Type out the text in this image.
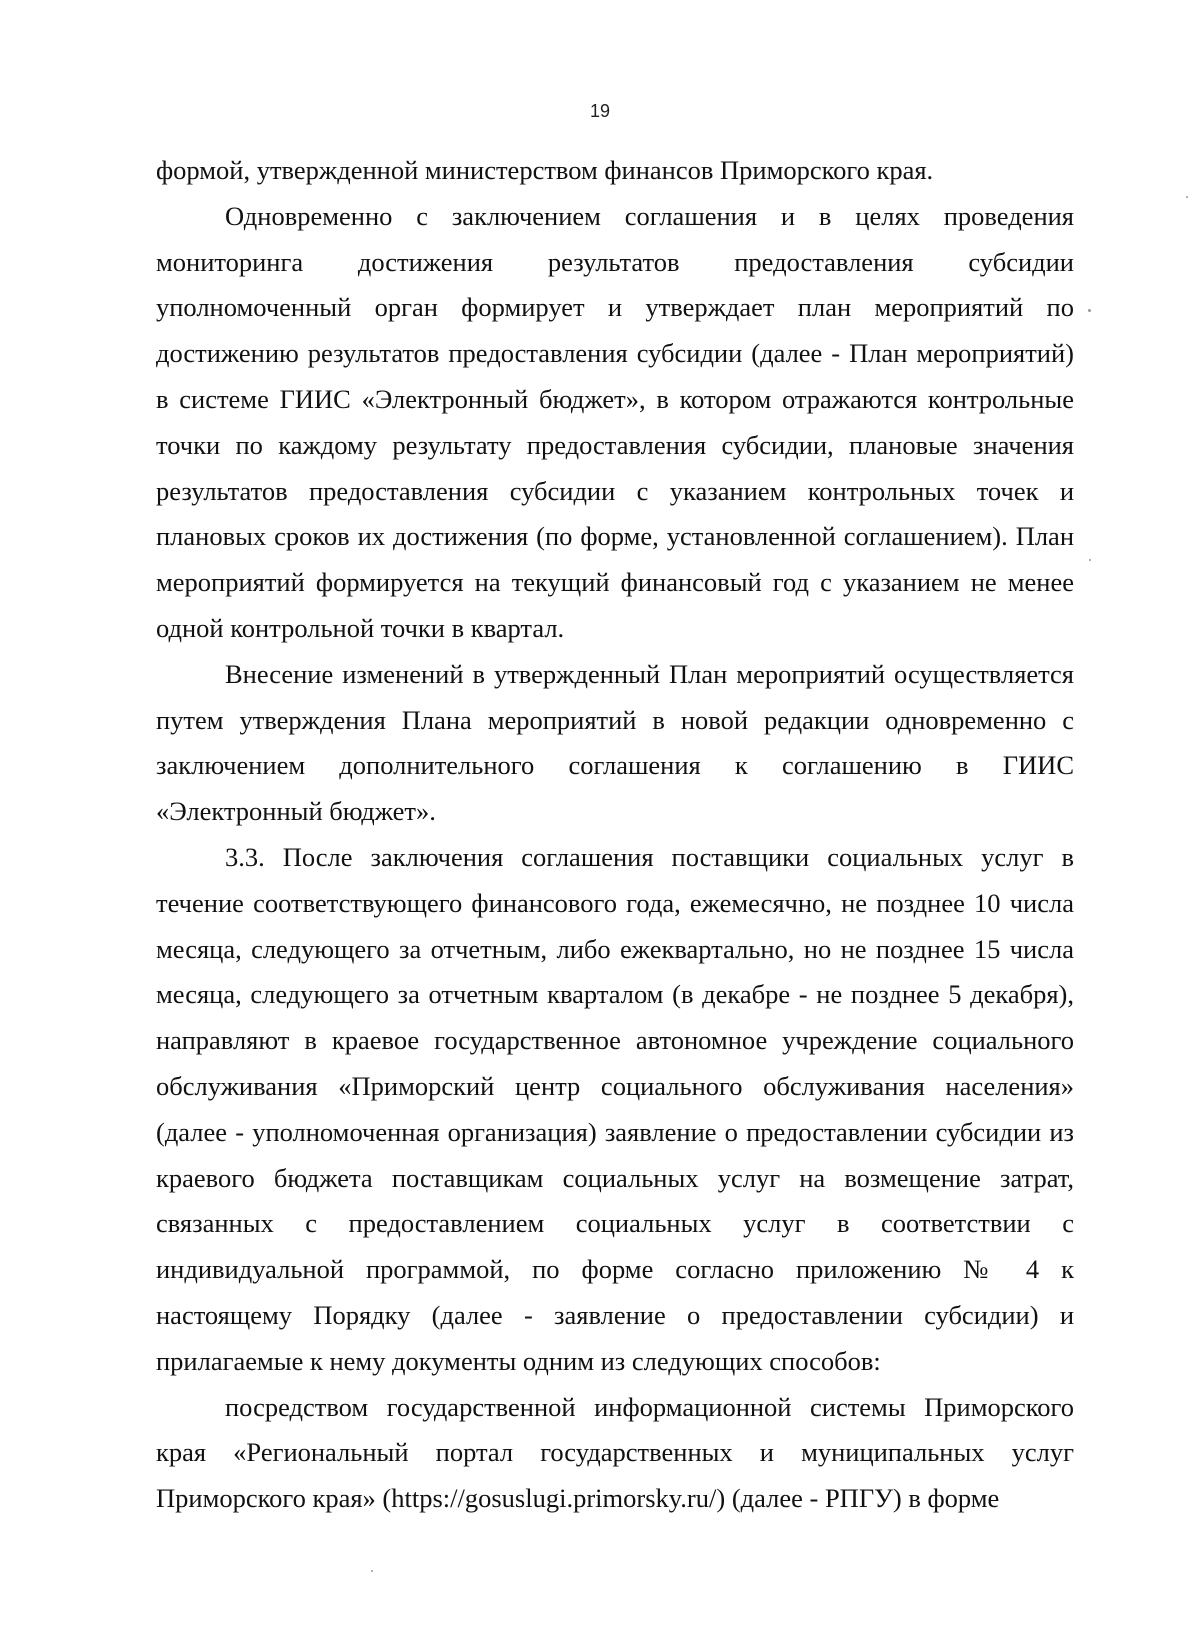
19

формой, утвержденной министерством финансов Приморского края.

Одновременно с заключением соглашения и в целях проведения мониторинга достижения результатов предоставления субсидии уполномоченный орган формирует и утверждает план мероприятий по достижению результатов предоставления субсидии (далее - План мероприятий) в системе ГИИС «Электронный бюджет», в котором отражаются контрольные точки по каждому результату предоставления субсидии, плановые значения результатов предоставления субсидии с указанием контрольных точек и плановых сроков их достижения (по форме, установленной соглашением). План мероприятий формируется на текущий финансовый год с указанием не менее одной контрольной точки в квартал.

Внесение изменений в утвержденный План мероприятий осуществляется путем утверждения Плана мероприятий в новой редакции одновременно с заключением дополнительного соглашения к соглашению в ГИИС «Электронный бюджет».

3.3. После заключения соглашения поставщики социальных услуг в течение соответствующего финансового года, ежемесячно, не позднее 10 числа месяца, следующего за отчетным, либо ежеквартально, но не позднее 15 числа месяца, следующего за отчетным кварталом (в декабре - не позднее 5 декабря), направляют в краевое государственное автономное учреждение социального обслуживания «Приморский центр социального обслуживания населения» (далее - уполномоченная организация) заявление о предоставлении субсидии из краевого бюджета поставщикам социальных услуг на возмещение затрат, связанных с предоставлением социальных услуг в соответствии с индивидуальной программой, по форме согласно приложению № 4 к настоящему Порядку (далее - заявление о предоставлении субсидии) и прилагаемые к нему документы одним из следующих способов:

посредством государственной информационной системы Приморского края «Региональный портал государственных и муниципальных услуг Приморского края» (https://gosuslugi.primorsky.ru/) (далее - РПГУ) в форме
